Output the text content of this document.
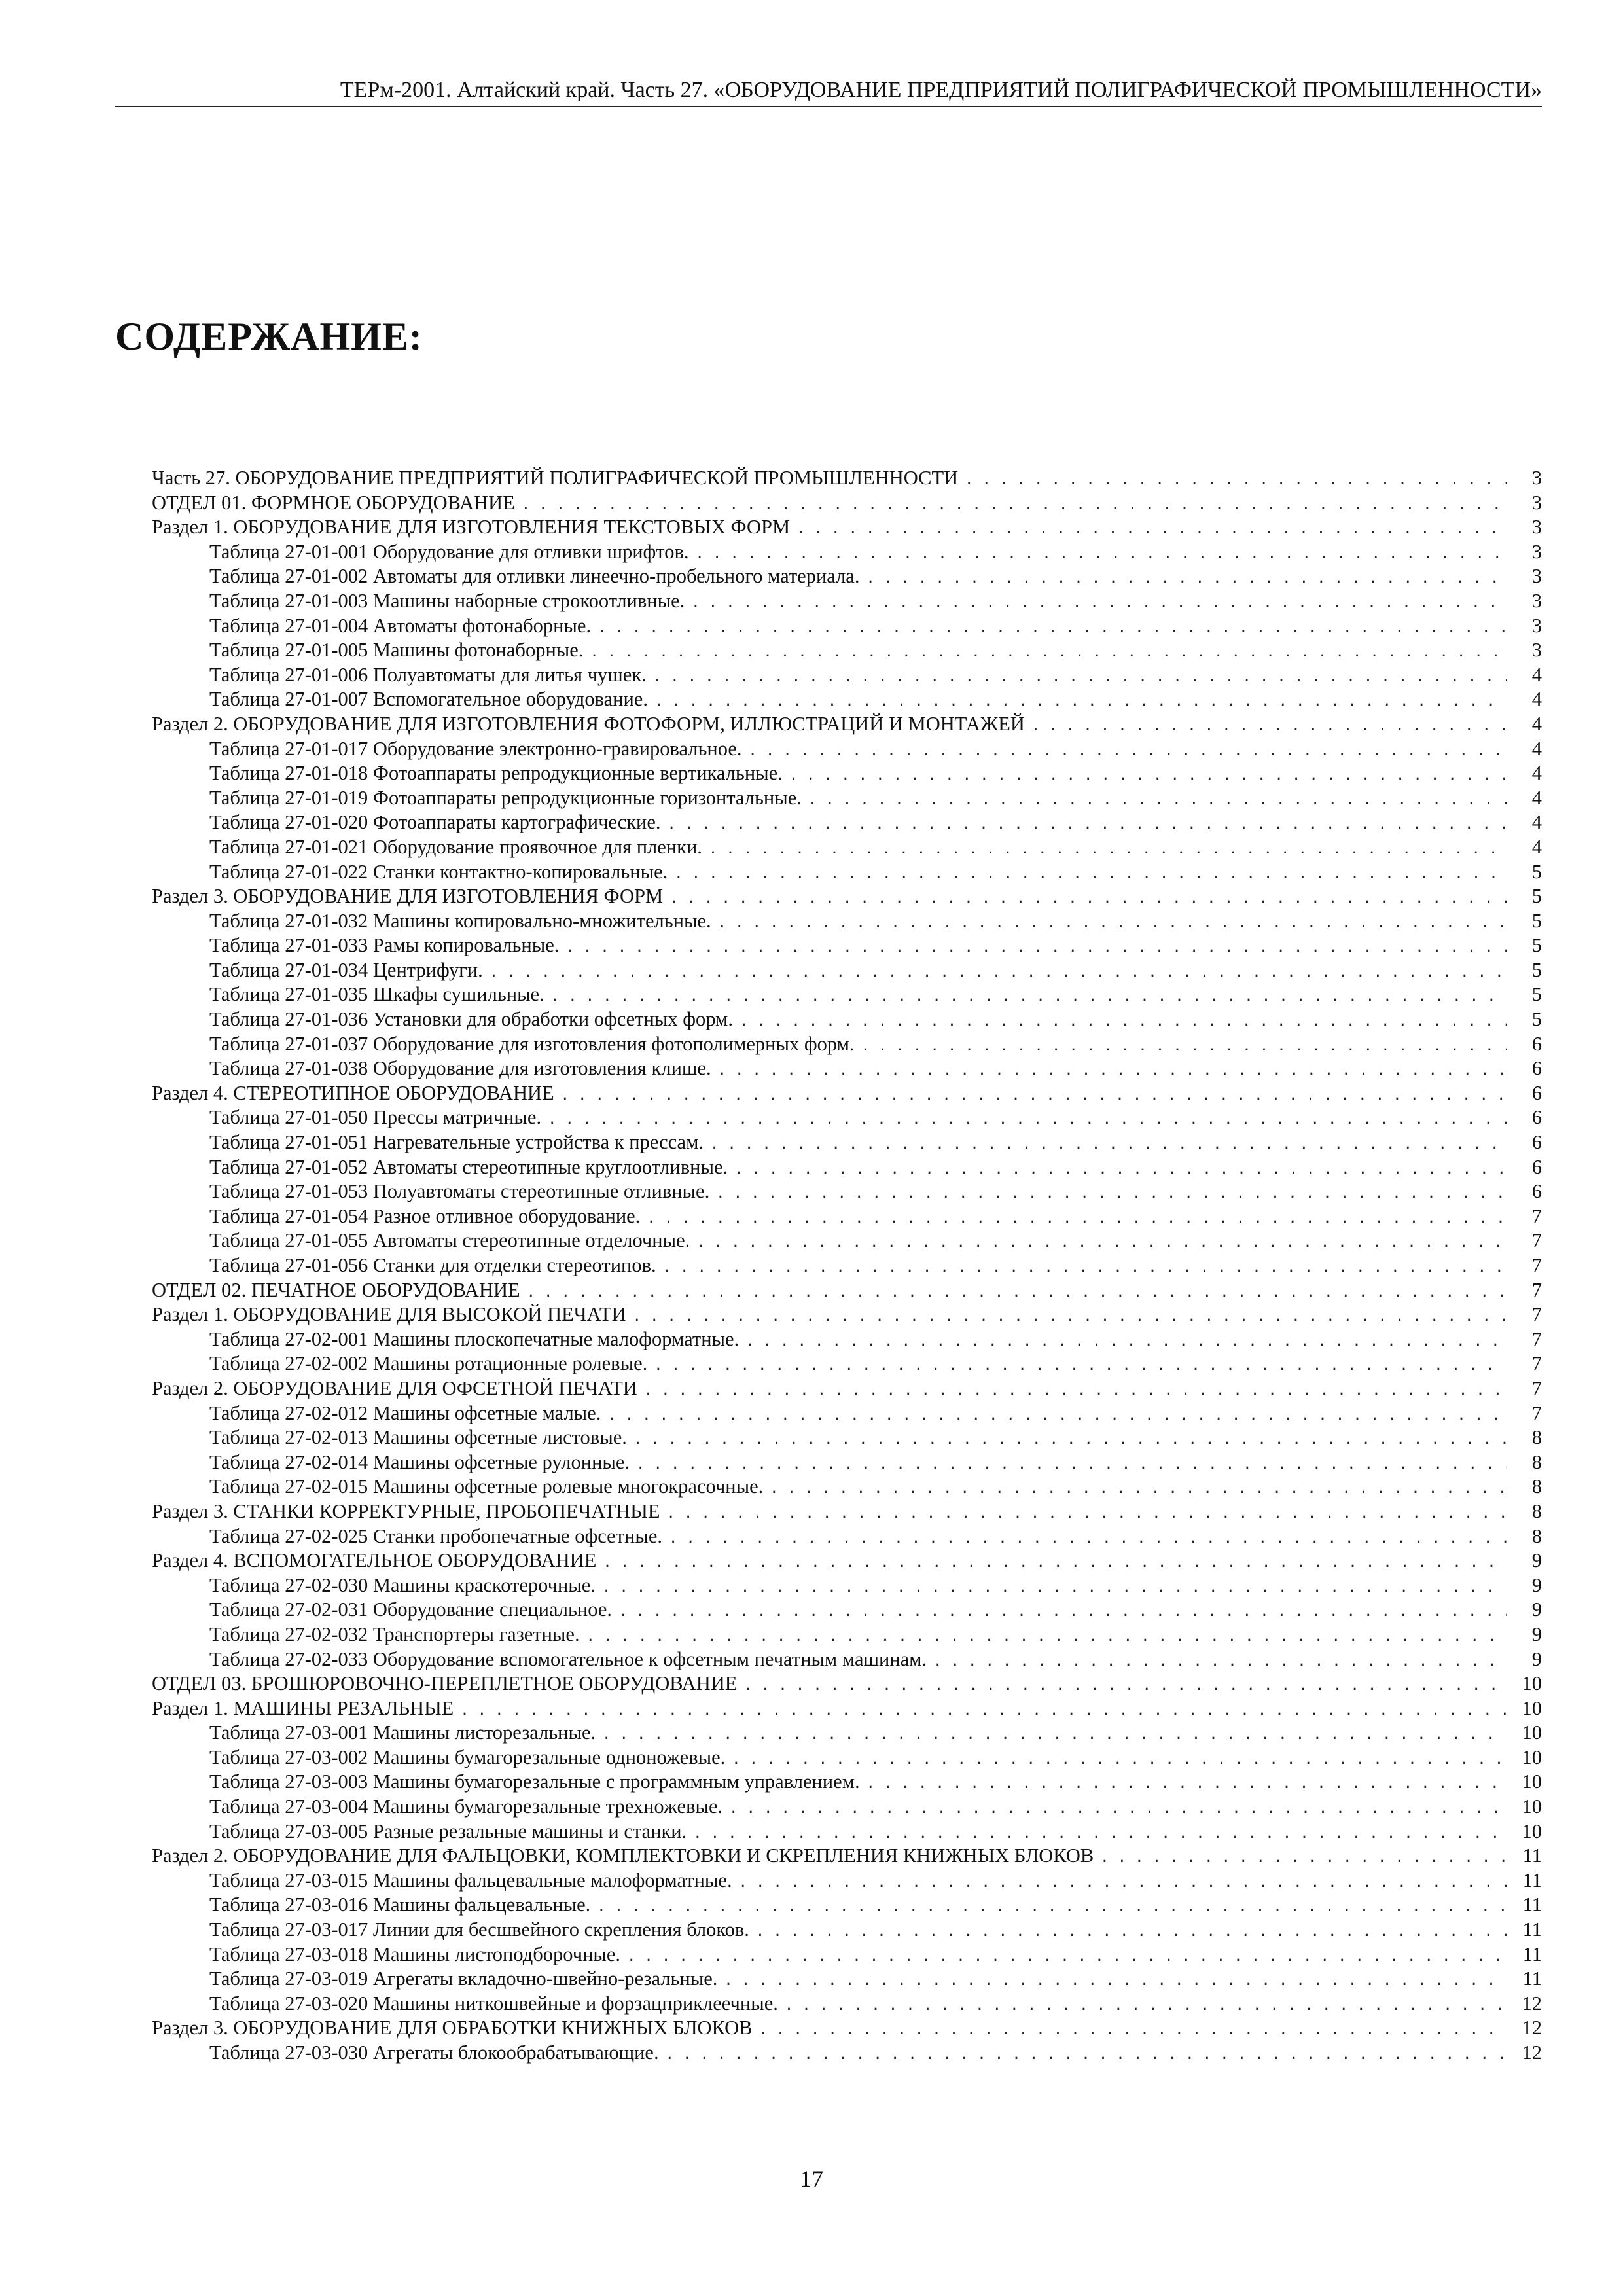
ТЕРм-2001. Алтайский край. Часть 27. «ОБОРУДОВАНИЕ ПРЕДПРИЯТИЙ ПОЛИГРАФИЧЕСКОЙ ПРОМЫШЛЕННОСТИ»
СОДЕРЖАНИЕ:
Часть 27. ОБОРУДОВАНИЕ ПРЕДПРИЯТИЙ ПОЛИГРАФИЧЕСКОЙ ПРОМЫШЛЕННОСТИ . . .	3
ОТДЕЛ 01. ФОРМНОЕ ОБОРУДОВАНИЕ . . .	3
Раздел 1. ОБОРУДОВАНИЕ ДЛЯ ИЗГОТОВЛЕНИЯ ТЕКСТОВЫХ ФОРМ . . .	3
Таблица 27-01-001 Оборудование для отливки шрифтов. . . .	3
Таблица 27-01-002 Автоматы для отливки линеечно-пробельного материала. . . .	3
Таблица 27-01-003 Машины наборные строкоотливные. . . .	3
Таблица 27-01-004 Автоматы фотонаборные. . . .	3
Таблица 27-01-005 Машины фотонаборные. . . .	3
Таблица 27-01-006 Полуавтоматы для литья чушек. . . .	4
Таблица 27-01-007 Вспомогательное оборудование. . . .	4
Раздел 2. ОБОРУДОВАНИЕ ДЛЯ ИЗГОТОВЛЕНИЯ ФОТОФОРМ, ИЛЛЮСТРАЦИЙ И МОНТАЖЕЙ . . .	4
Таблица 27-01-017 Оборудование электронно-гравировальное. . . .	4
Таблица 27-01-018 Фотоаппараты репродукционные вертикальные. . . .	4
Таблица 27-01-019 Фотоаппараты репродукционные горизонтальные. . . .	4
Таблица 27-01-020 Фотоаппараты картографические. . . .	4
Таблица 27-01-021 Оборудование проявочное для пленки. . . .	4
Таблица 27-01-022 Станки контактно-копировальные. . . .	5
Раздел 3. ОБОРУДОВАНИЕ ДЛЯ ИЗГОТОВЛЕНИЯ ФОРМ . . .	5
Таблица 27-01-032 Машины копировально-множительные. . . .	5
Таблица 27-01-033 Рамы копировальные. . . .	5
Таблица 27-01-034 Центрифуги. . . .	5
Таблица 27-01-035 Шкафы сушильные. . . .	5
Таблица 27-01-036 Установки для обработки офсетных форм. . . .	5
Таблица 27-01-037 Оборудование для изготовления фотополимерных форм. . . .	6
Таблица 27-01-038 Оборудование для изготовления клише. . . .	6
Раздел 4. СТЕРЕОТИПНОЕ ОБОРУДОВАНИЕ . . .	6
Таблица 27-01-050 Прессы матричные. . . .	6
Таблица 27-01-051 Нагревательные устройства к прессам. . . .	6
Таблица 27-01-052 Автоматы стереотипные круглоотливные. . . .	6
Таблица 27-01-053 Полуавтоматы стереотипные отливные. . . .	6
Таблица 27-01-054 Разное отливное оборудование. . . .	7
Таблица 27-01-055 Автоматы стереотипные отделочные. . . .	7
Таблица 27-01-056 Станки для отделки стереотипов. . . .	7
ОТДЕЛ 02. ПЕЧАТНОЕ ОБОРУДОВАНИЕ . . .	7
Раздел 1. ОБОРУДОВАНИЕ ДЛЯ ВЫСОКОЙ ПЕЧАТИ . . .	7
Таблица 27-02-001 Машины плоскопечатные малоформатные. . . .	7
Таблица 27-02-002 Машины ротационные ролевые. . . .	7
Раздел 2. ОБОРУДОВАНИЕ ДЛЯ ОФСЕТНОЙ ПЕЧАТИ . . .	7
Таблица 27-02-012 Машины офсетные малые. . . .	7
Таблица 27-02-013 Машины офсетные листовые. . . .	8
Таблица 27-02-014 Машины офсетные рулонные. . . .	8
Таблица 27-02-015 Машины офсетные ролевые многокрасочные. . . .	8
Раздел 3. СТАНКИ КОРРЕКТУРНЫЕ, ПРОБОПЕЧАТНЫЕ . . .	8
Таблица 27-02-025 Станки пробопечатные офсетные. . . .	8
Раздел 4. ВСПОМОГАТЕЛЬНОЕ ОБОРУДОВАНИЕ . . .	9
Таблица 27-02-030 Машины краскотерочные. . . .	9
Таблица 27-02-031 Оборудование специальное. . . .	9
Таблица 27-02-032 Транспортеры газетные. . . .	9
Таблица 27-02-033 Оборудование вспомогательное к офсетным печатным машинам. . . .	9
ОТДЕЛ 03. БРОШЮРОВОЧНО-ПЕРЕПЛЕТНОЕ ОБОРУДОВАНИЕ . . .	10
Раздел 1. МАШИНЫ РЕЗАЛЬНЫЕ . . .	10
Таблица 27-03-001 Машины листорезальные. . . .	10
Таблица 27-03-002 Машины бумагорезальные одноножевые. . . .	10
Таблица 27-03-003 Машины бумагорезальные с программным управлением. . . .	10
Таблица 27-03-004 Машины бумагорезальные трехножевые. . . .	10
Таблица 27-03-005 Разные резальные машины и станки. . . .	10
Раздел 2. ОБОРУДОВАНИЕ ДЛЯ ФАЛЬЦОВКИ, КОМПЛЕКТОВКИ И СКРЕПЛЕНИЯ КНИЖНЫХ БЛОКОВ . . .	11
Таблица 27-03-015 Машины фальцевальные малоформатные. . . .	11
Таблица 27-03-016 Машины фальцевальные. . . .	11
Таблица 27-03-017 Линии для бесшвейного скрепления блоков. . . .	11
Таблица 27-03-018 Машины листоподборочные. . . .	11
Таблица 27-03-019 Агрегаты вкладочно-швейно-резальные. . . .	11
Таблица 27-03-020 Машины ниткошвейные и форзацприклеечные. . . .	12
Раздел 3. ОБОРУДОВАНИЕ ДЛЯ ОБРАБОТКИ КНИЖНЫХ БЛОКОВ . . .	12
Таблица 27-03-030 Агрегаты блокообрабатывающие. . . .	12
17
